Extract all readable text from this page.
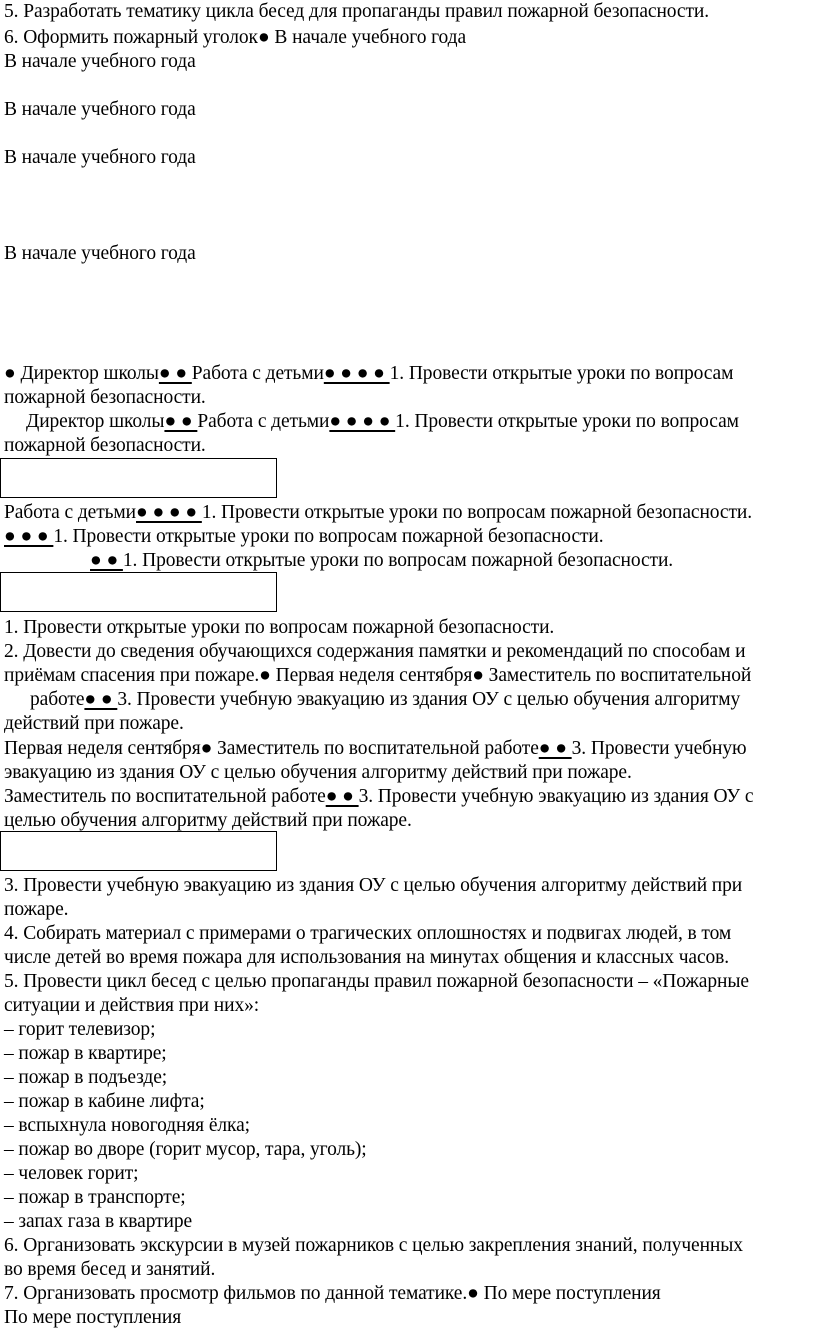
5. Разработать тематику цикла бесед для пропаганды правил пожарной безопасности.
6. Оформить пожарный уголок● В начале учебного года
В начале учебного года
В начале учебного года
В начале учебного года
В начале учебного года
● Директор школы● ● Работа с детьми● ● ● ● 1. Провести открытые уроки по вопросам
пожарной безопасности.
Директор школы● ● Работа с детьми● ● ● ● 1. Провести открытые уроки по вопросам
пожарной безопасности.
Работа с детьми● ● ● ● 1. Провести открытые уроки по вопросам пожарной безопасности.
● ● ● 1. Провести открытые уроки по вопросам пожарной безопасности.
● ● 1. Провести открытые уроки по вопросам пожарной безопасности.
1. Провести открытые уроки по вопросам пожарной безопасности.
2. Довести до сведения обучающихся содержания памятки и рекомендаций по способам и
приёмам спасения при пожаре.● Первая неделя сентября● Заместитель по воспитательной
работе● ● 3. Провести учебную эвакуацию из здания ОУ с целью обучения алгоритму
действий при пожаре.
Первая неделя сентября● Заместитель по воспитательной работе● ● 3. Провести учебную
эвакуацию из здания ОУ с целью обучения алгоритму действий при пожаре.
Заместитель по воспитательной работе● ● 3. Провести учебную эвакуацию из здания ОУ с
целью обучения алгоритму действий при пожаре.
3. Провести учебную эвакуацию из здания ОУ с целью обучения алгоритму действий при
пожаре.
4. Собирать материал с примерами о трагических оплошностях и подвигах людей, в том
числе детей во время пожара для использования на минутах общения и классных часов.
5. Провести цикл бесед с целью пропаганды правил пожарной безопасности – «Пожарные
ситуации и действия при них»:
– горит телевизор;
– пожар в квартире;
– пожар в подъезде;
– пожар в кабине лифта;
– вспыхнула новогодняя ёлка;
– пожар во дворе (горит мусор, тара, уголь);
– человек горит;
– пожар в транспорте;
– запах газа в квартире
6. Организовать экскурсии в музей пожарников с целью закрепления знаний, полученных
во время бесед и занятий.
7. Организовать просмотр фильмов по данной тематике.● По мере поступления
По мере поступления
